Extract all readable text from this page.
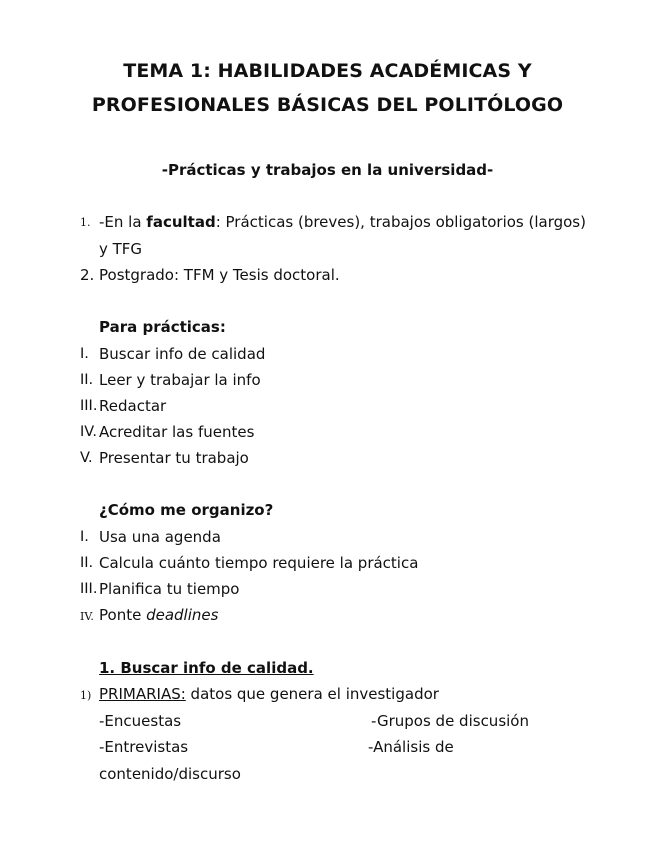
TEMA 1: HABILIDADES ACADÉMICAS Y
PROFESIONALES BÁSICAS DEL POLITÓLOGO
-Prácticas y trabajos en la universidad-
1. -En la facultad: Prácticas (breves), trabajos obligatorios (largos)
y TFG
2. Postgrado: TFM y Tesis doctoral.
Para prácticas:
I. Buscar info de calidad
II. Leer y trabajar la info
III. Redactar
IV. Acreditar las fuentes
V. Presentar tu trabajo
¿Cómo me organizo?
I. Usa una agenda
II. Calcula cuánto tiempo requiere la práctica
III. Planifica tu tiempo
IV. Ponte deadlines
1. Buscar info de calidad.
1) PRIMARIAS: datos que genera el investigador
-Encuestas	-Grupos de discusión
-Entrevistas	-Análisis de
contenido/discurso
